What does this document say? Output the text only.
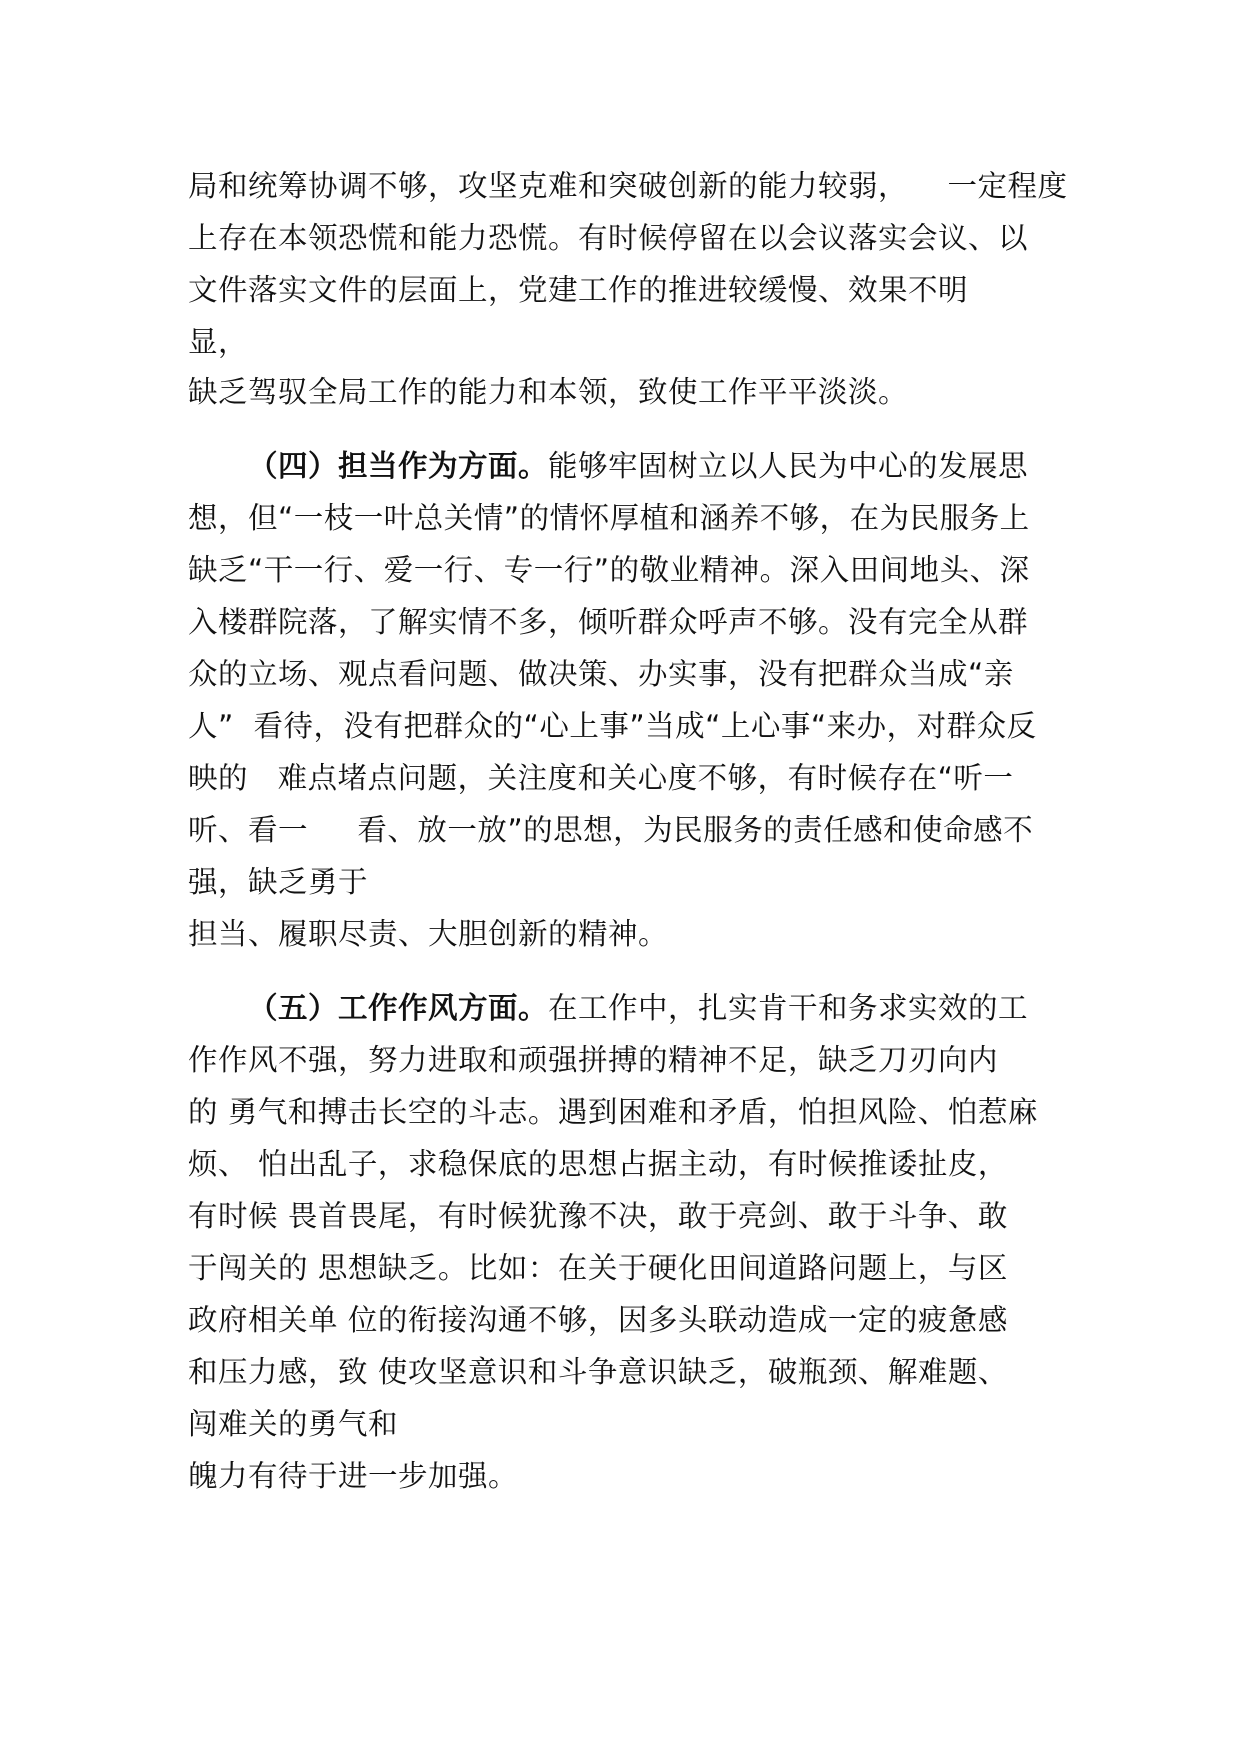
局和统筹协调不够，攻坚克难和突破创新的能力较弱，    一定程度
上存在本领恐慌和能力恐慌。有时候停留在以会议落实会议、以
文件落实文件的层面上，党建工作的推进较缓慢、效果不明
显，
缺乏驾驭全局工作的能力和本领，致使工作平平淡淡。
（四）担当作为方面。能够牢固树立以人民为中心的发展思
想，但“一枝一叶总关情”的情怀厚植和涵养不够，在为民服务上
缺乏“干一行、爱一行、专一行”的敬业精神。深入田间地头、深
入楼群院落，了解实情不多，倾听群众呼声不够。没有完全从群
众的立场、观点看问题、做决策、办实事，没有把群众当成“亲
人”  看待，没有把群众的“心上事”当成“上心事“来办，对群众反
映的   难点堵点问题，关注度和关心度不够，有时候存在“听一
听、看一     看、放一放”的思想，为民服务的责任感和使命感不
强，缺乏勇于
担当、履职尽责、大胆创新的精神。
（五）工作作风方面。在工作中，扎实肯干和务求实效的工
作作风不强，努力进取和顽强拼搏的精神不足，缺乏刀刃向内
的 勇气和搏击长空的斗志。遇到困难和矛盾，怕担风险、怕惹麻
烦、 怕出乱子，求稳保底的思想占据主动，有时候推诿扯皮，
有时候 畏首畏尾，有时候犹豫不决，敢于亮剑、敢于斗争、敢
于闯关的 思想缺乏。比如：在关于硬化田间道路问题上，与区
政府相关单 位的衔接沟通不够，因多头联动造成一定的疲惫感
和压力感，致 使攻坚意识和斗争意识缺乏，破瓶颈、解难题、
闯难关的勇气和
魄力有待于进一步加强。
